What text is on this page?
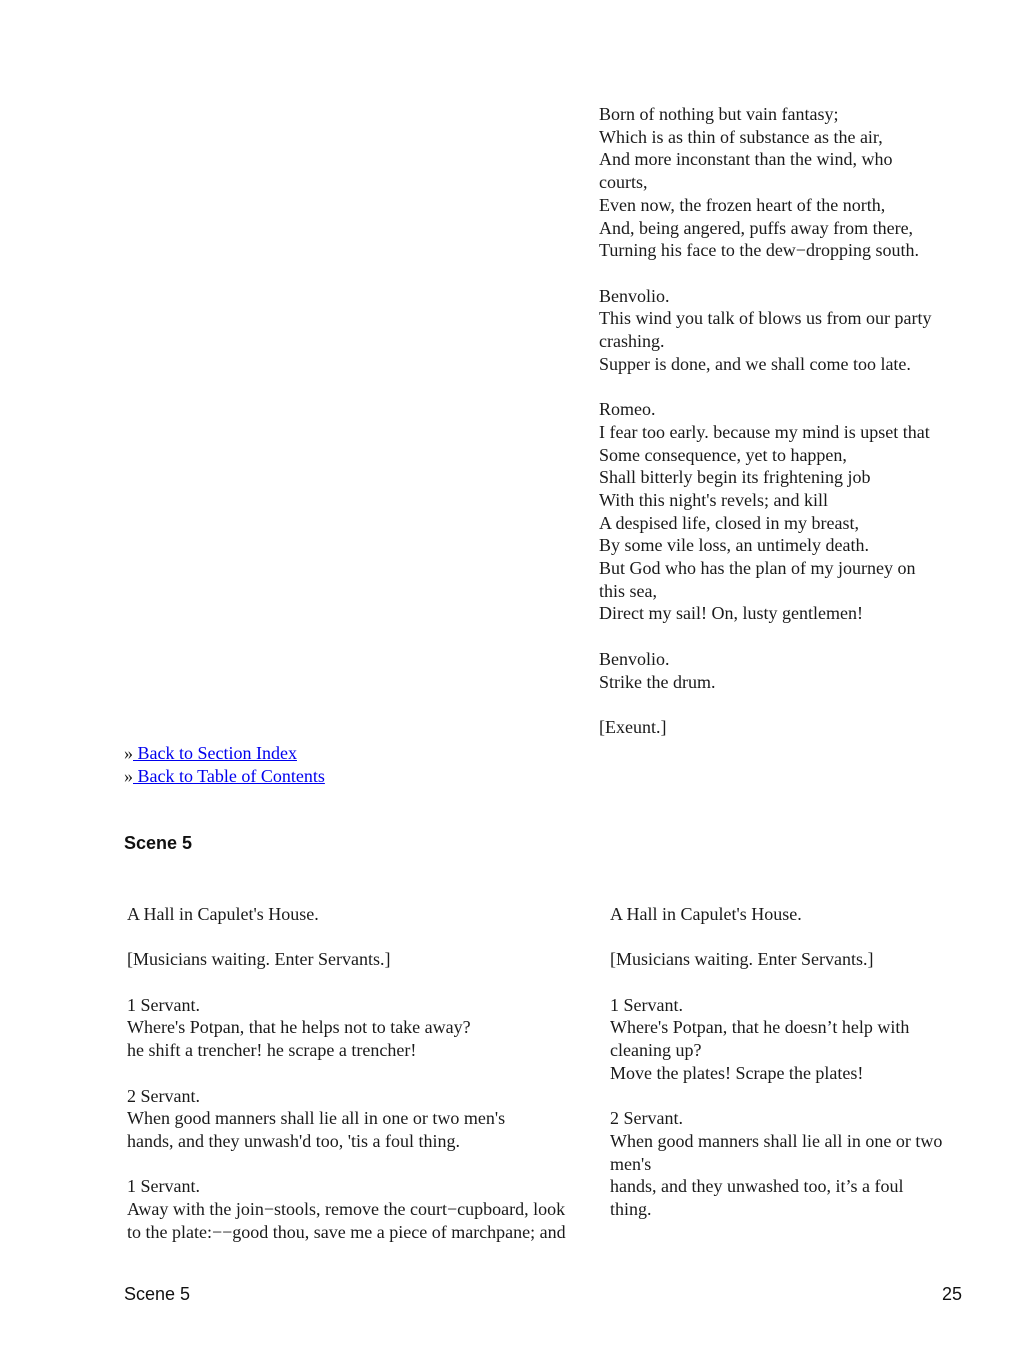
Born of nothing but vain fantasy;
Which is as thin of substance as the air,
And more inconstant than the wind, who
courts,
Even now, the frozen heart of the north,
And, being angered, puffs away from there,
Turning his face to the dew−dropping south.
Benvolio.
This wind you talk of blows us from our party
crashing.
Supper is done, and we shall come too late.
Romeo.
I fear too early. because my mind is upset that
Some consequence, yet to happen,
Shall bitterly begin its frightening job
With this night's revels; and kill
A despised life, closed in my breast,
By some vile loss, an untimely death.
But God who has the plan of my journey on
this sea,
Direct my sail! On, lusty gentlemen!
Benvolio.
Strike the drum.
[Exeunt.]
» Back to Section Index
» Back to Table of Contents
Scene 5
A Hall in Capulet's House.
[Musicians waiting. Enter Servants.]
1 Servant.
Where's Potpan, that he helps not to take away?
he shift a trencher! he scrape a trencher!
2 Servant.
When good manners shall lie all in one or two men's
hands, and they unwash'd too, 'tis a foul thing.
1 Servant.
Away with the join−stools, remove the court−cupboard, look
to the plate:−−good thou, save me a piece of marchpane; and
A Hall in Capulet's House.
[Musicians waiting. Enter Servants.]
1 Servant.
Where's Potpan, that he doesn’t help with
cleaning up?
Move the plates! Scrape the plates!
2 Servant.
When good manners shall lie all in one or two
men's
hands, and they unwashed too, it’s a foul
thing.
Scene 5	25
